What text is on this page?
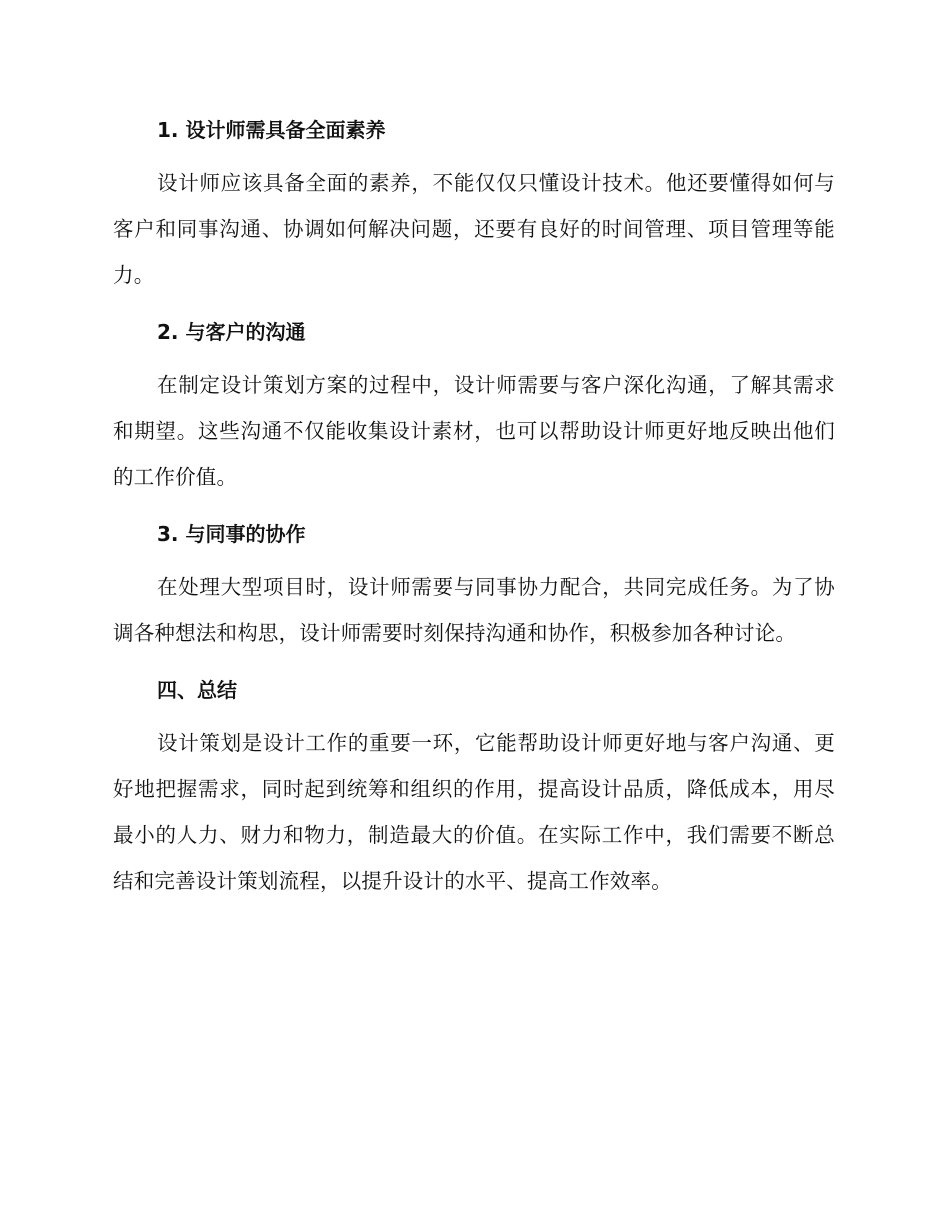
1. 设计师需具备全面素养

设计师应该具备全面的素养，不能仅仅只懂设计技术。他还要懂得如何与客户和同事沟通、协调如何解决问题，还要有良好的时间管理、项目管理等能力。

2. 与客户的沟通

在制定设计策划方案的过程中，设计师需要与客户深化沟通，了解其需求和期望。这些沟通不仅能收集设计素材，也可以帮助设计师更好地反映出他们的工作价值。

3. 与同事的协作

在处理大型项目时，设计师需要与同事协力配合，共同完成任务。为了协调各种想法和构思，设计师需要时刻保持沟通和协作，积极参加各种讨论。

四、总结

设计策划是设计工作的重要一环，它能帮助设计师更好地与客户沟通、更好地把握需求，同时起到统筹和组织的作用，提高设计品质，降低成本，用尽最小的人力、财力和物力，制造最大的价值。在实际工作中，我们需要不断总结和完善设计策划流程，以提升设计的水平、提高工作效率。
